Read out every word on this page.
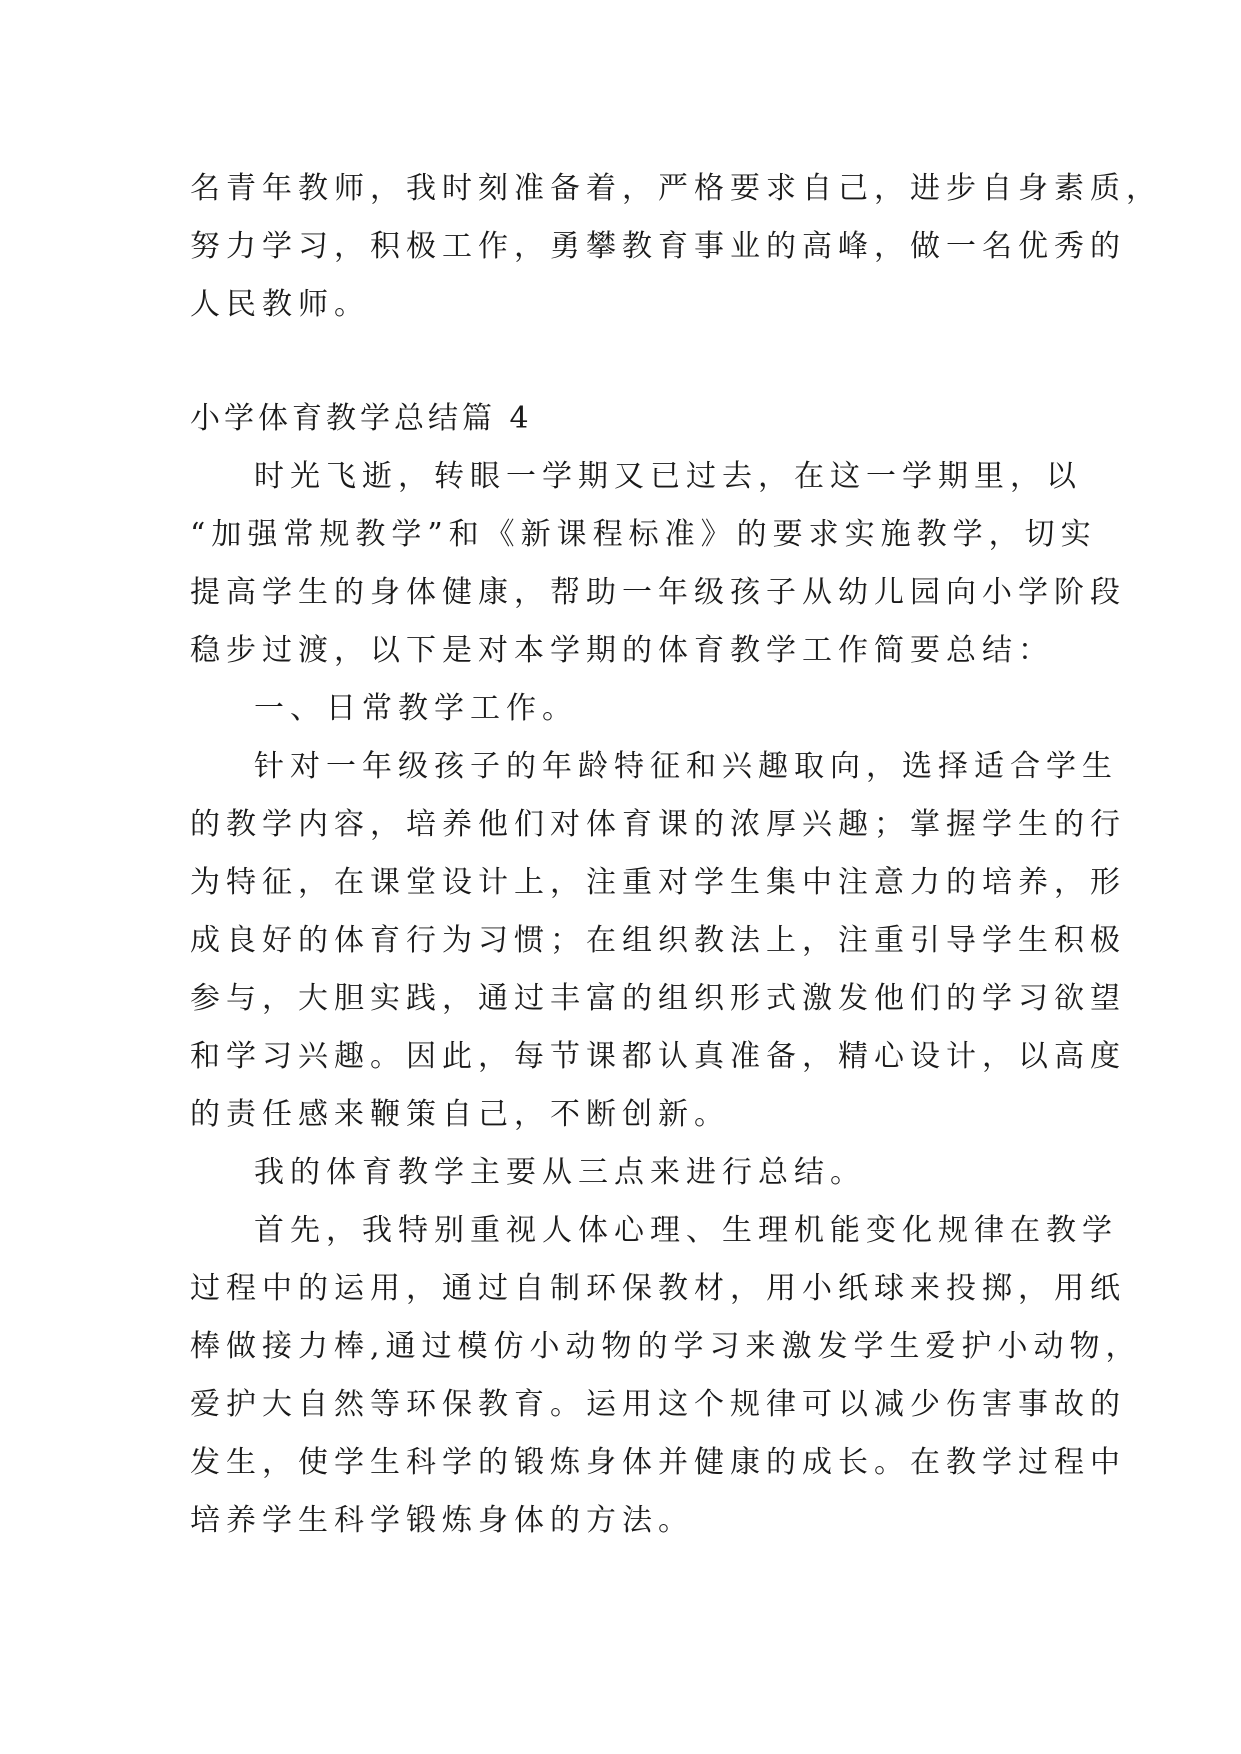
名青年教师，我时刻准备着，严格要求自己，进步自身素质，
努力学习，积极工作，勇攀教育事业的高峰，做一名优秀的
人民教师。
小学体育教学总结篇 4
时光飞逝，转眼一学期又已过去，在这一学期里，以
“加强常规教学”和《新课程标准》的要求实施教学，切实
提高学生的身体健康，帮助一年级孩子从幼儿园向小学阶段
稳步过渡，以下是对本学期的体育教学工作简要总结：
一、日常教学工作。
针对一年级孩子的年龄特征和兴趣取向，选择适合学生
的教学内容，培养他们对体育课的浓厚兴趣；掌握学生的行
为特征，在课堂设计上，注重对学生集中注意力的培养，形
成良好的体育行为习惯；在组织教法上，注重引导学生积极
参与，大胆实践，通过丰富的组织形式激发他们的学习欲望
和学习兴趣。因此，每节课都认真准备，精心设计，以高度
的责任感来鞭策自己，不断创新。
我的体育教学主要从三点来进行总结。
首先，我特别重视人体心理、生理机能变化规律在教学
过程中的运用，通过自制环保教材，用小纸球来投掷，用纸
棒做接力棒,通过模仿小动物的学习来激发学生爱护小动物，
爱护大自然等环保教育。运用这个规律可以减少伤害事故的
发生，使学生科学的锻炼身体并健康的成长。在教学过程中
培养学生科学锻炼身体的方法。
